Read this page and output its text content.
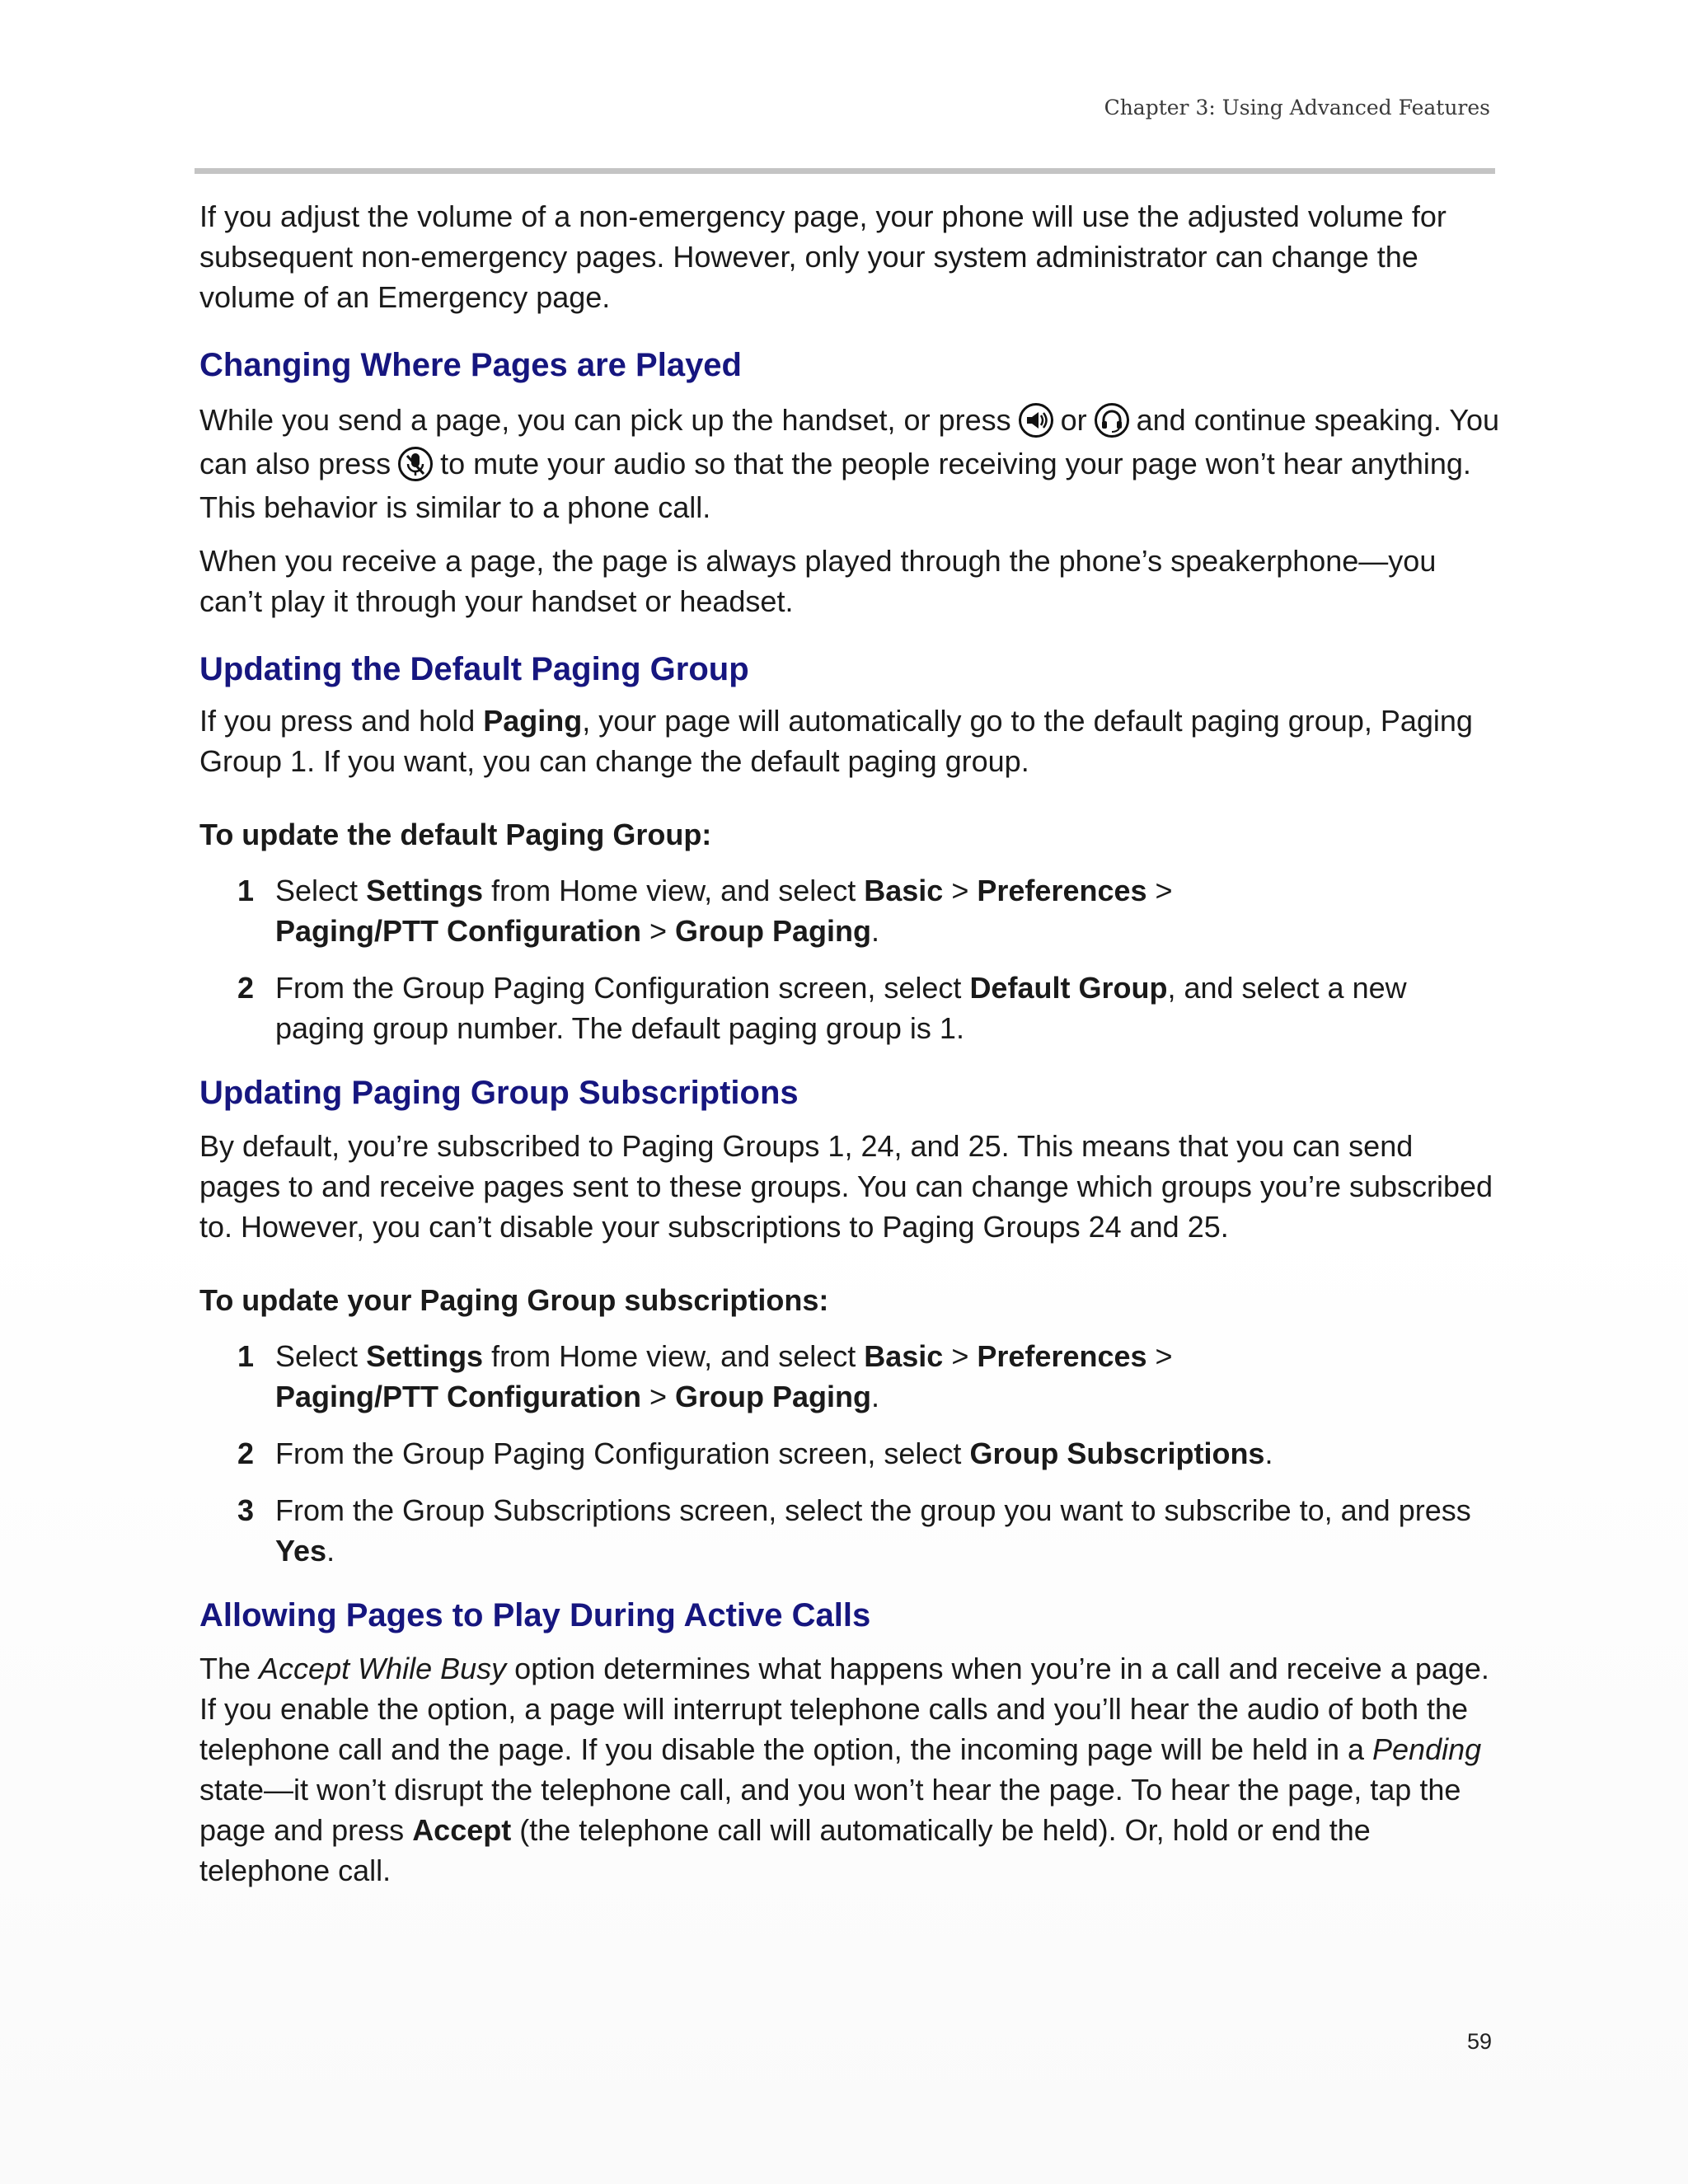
Chapter 3: Using Advanced Features

If you adjust the volume of a non-emergency page, your phone will use the adjusted volume for subsequent non-emergency pages. However, only your system administrator can change the volume of an Emergency page.

Changing Where Pages are Played

While you send a page, you can pick up the handset, or press or and continue speaking. You can also press to mute your audio so that the people receiving your page won’t hear anything. This behavior is similar to a phone call.

When you receive a page, the page is always played through the phone’s speakerphone—you can’t play it through your handset or headset.

Updating the Default Paging Group

If you press and hold Paging, your page will automatically go to the default paging group, Paging Group 1. If you want, you can change the default paging group.

To update the default Paging Group:
1 Select Settings from Home view, and select Basic > Preferences >
Paging/PTT Configuration > Group Paging.
2 From the Group Paging Configuration screen, select Default Group, and select a new paging group number. The default paging group is 1.
Updating Paging Group Subscriptions

By default, you’re subscribed to Paging Groups 1, 24, and 25. This means that you can send pages to and receive pages sent to these groups. You can change which groups you’re subscribed to. However, you can’t disable your subscriptions to Paging Groups 24 and 25.

To update your Paging Group subscriptions:
1 Select Settings from Home view, and select Basic > Preferences >
Paging/PTT Configuration > Group Paging.
2 From the Group Paging Configuration screen, select Group Subscriptions.
3 From the Group Subscriptions screen, select the group you want to subscribe to, and press Yes.
Allowing Pages to Play During Active Calls

The Accept While Busy option determines what happens when you’re in a call and receive a page. If you enable the option, a page will interrupt telephone calls and you’ll hear the audio of both the telephone call and the page. If you disable the option, the incoming page will be held in a Pending state—it won’t disrupt the telephone call, and you won’t hear the page. To hear the page, tap the page and press Accept (the telephone call will automatically be held). Or, hold or end the telephone call.

59
